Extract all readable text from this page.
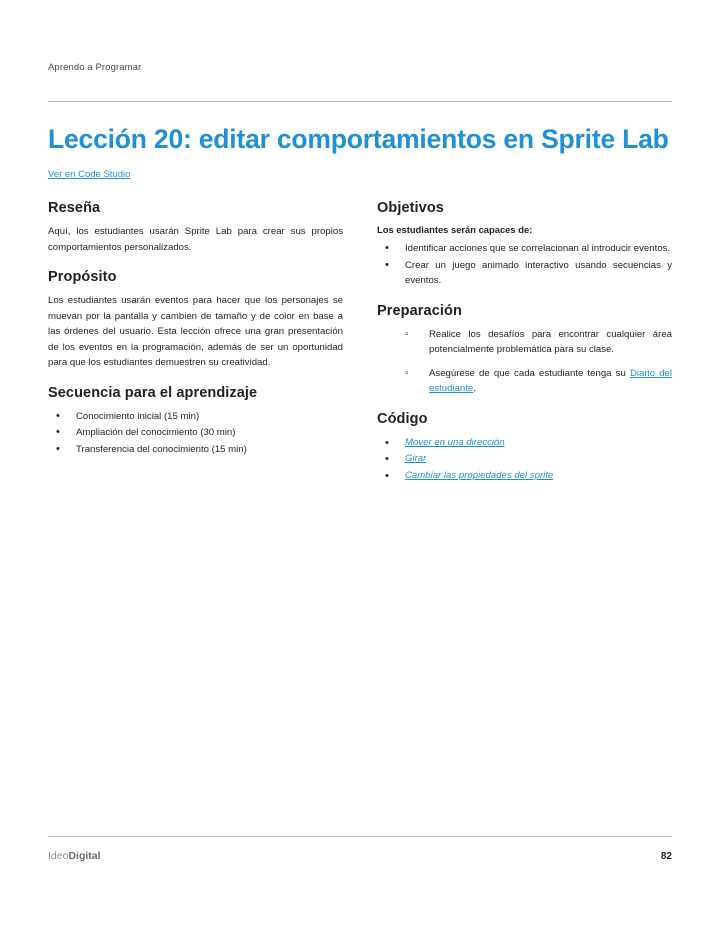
Aprendo a Programar
Lección 20: editar comportamientos en Sprite Lab
Ver en Code Studio
Reseña

Aquí, los estudiantes usarán Sprite Lab para crear sus propios comportamientos personalizados.

Propósito

Los estudiantes usarán eventos para hacer que los personajes se muevan por la pantalla y cambien de tamaño y de color en base a las órdenes del usuario. Esta lección ofrece una gran presentación de los eventos en la programación, además de ser un oportunidad para que los estudiantes demuestren su creatividad.

Secuencia para el aprendizaje
• Conocimiento inicial (15 min)
• Ampliación del conocimiento (30 min)
• Transferencia del conocimiento (15 min)
Objetivos
Los estudiantes serán capaces de:
• Identificar acciones que se correlacionan al introducir eventos.
• Crear un juego animado interactivo usando secuencias y eventos.
Preparación
▫ Realice los desafíos para encontrar cualquier área potencialmente problemática para su clase.
▫ Asegúrese de que cada estudiante tenga su Diario del estudiante.
Código
• Mover en una dirección
• Girar
• Cambiar las propiedades del sprite
IdeoDigital	82
